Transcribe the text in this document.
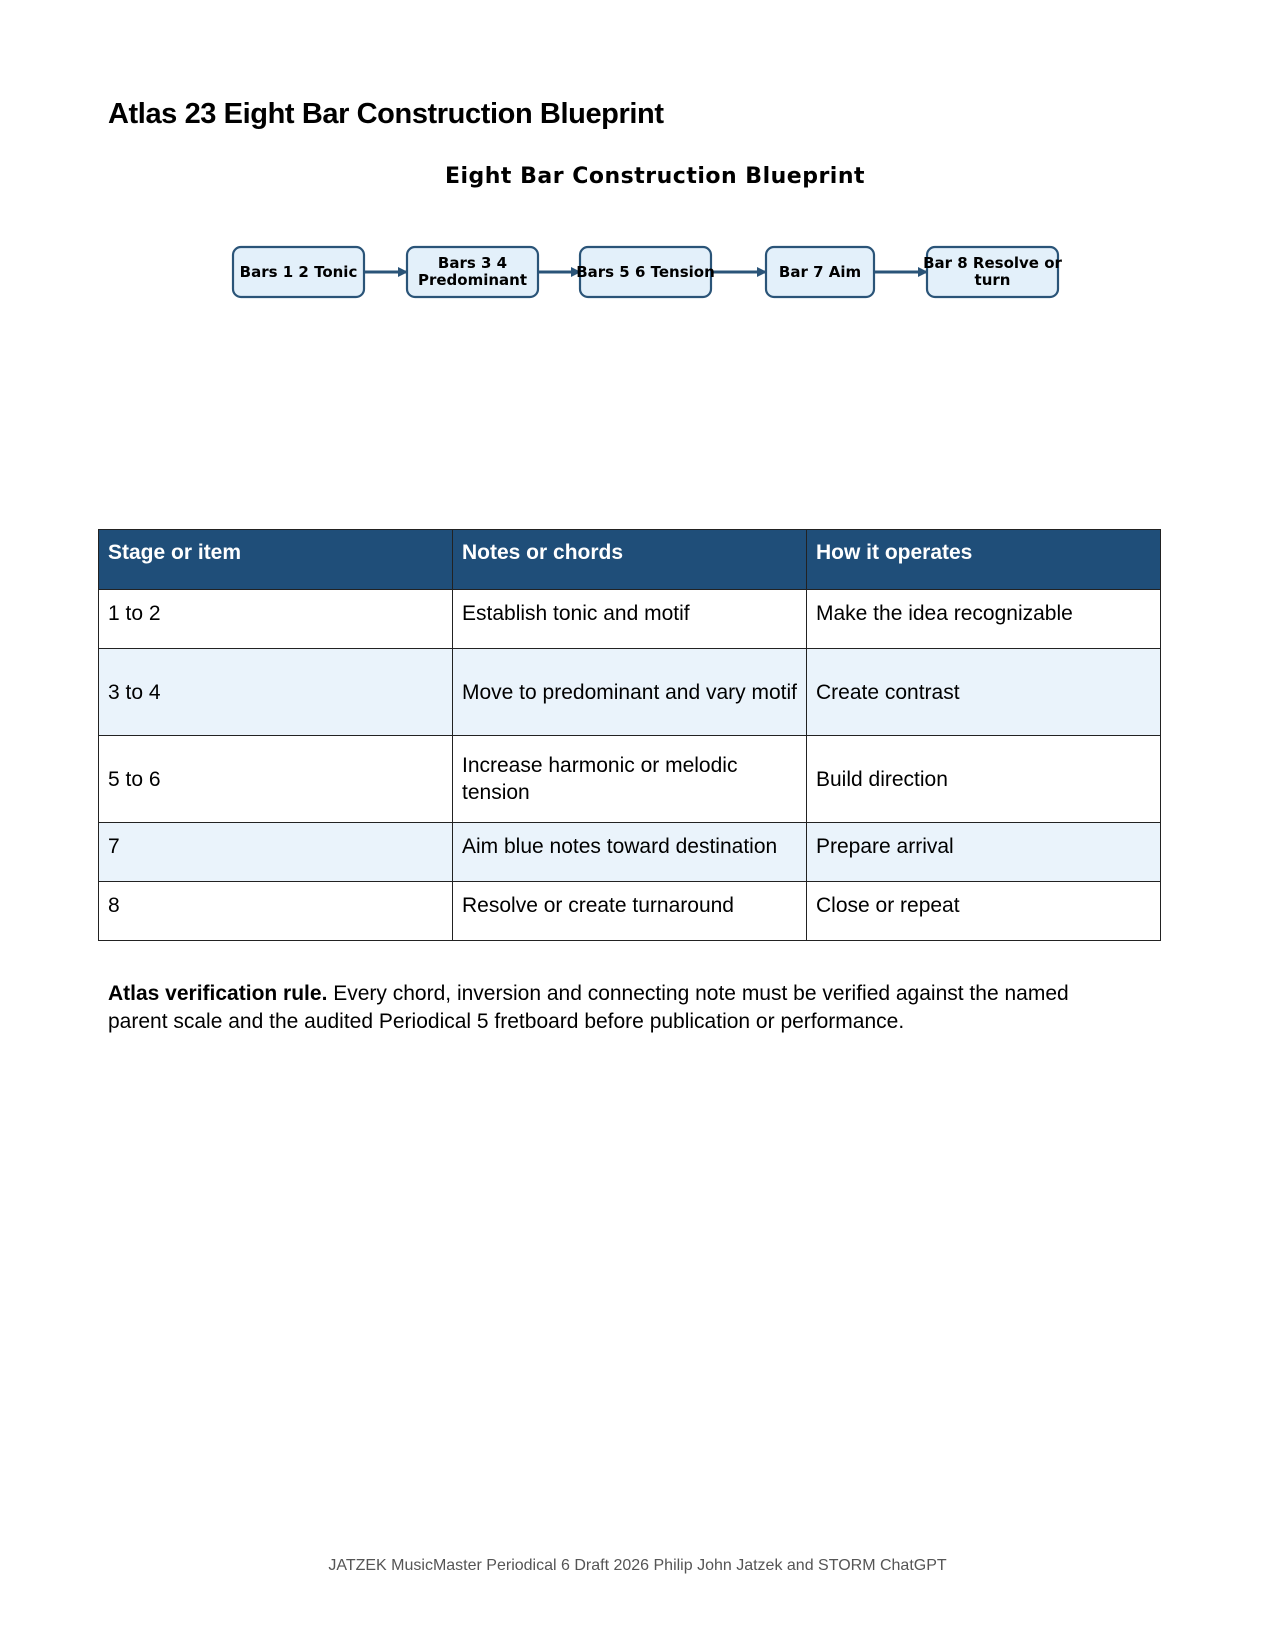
Atlas 23 Eight Bar Construction Blueprint
Eight Bar Construction Blueprint
Bars 1 2 Tonic	Bars 3 4 Predominant	Bars 5 6 Tension	Bar 7 Aim	Bar 8 Resolve or turn
Stage or item	Notes or chords	How it operates
1 to 2	Establish tonic and motif	Make the idea recognizable
3 to 4	Move to predominant and vary motif	Create contrast
5 to 6	Increase harmonic or melodic tension	Build direction
7	Aim blue notes toward destination	Prepare arrival
8	Resolve or create turnaround	Close or repeat

Atlas verification rule. Every chord, inversion and connecting note must be verified against the named parent scale and the audited Periodical 5 fretboard before publication or performance.

JATZEK MusicMaster Periodical 6 Draft 2026 Philip John Jatzek and STORM ChatGPT
